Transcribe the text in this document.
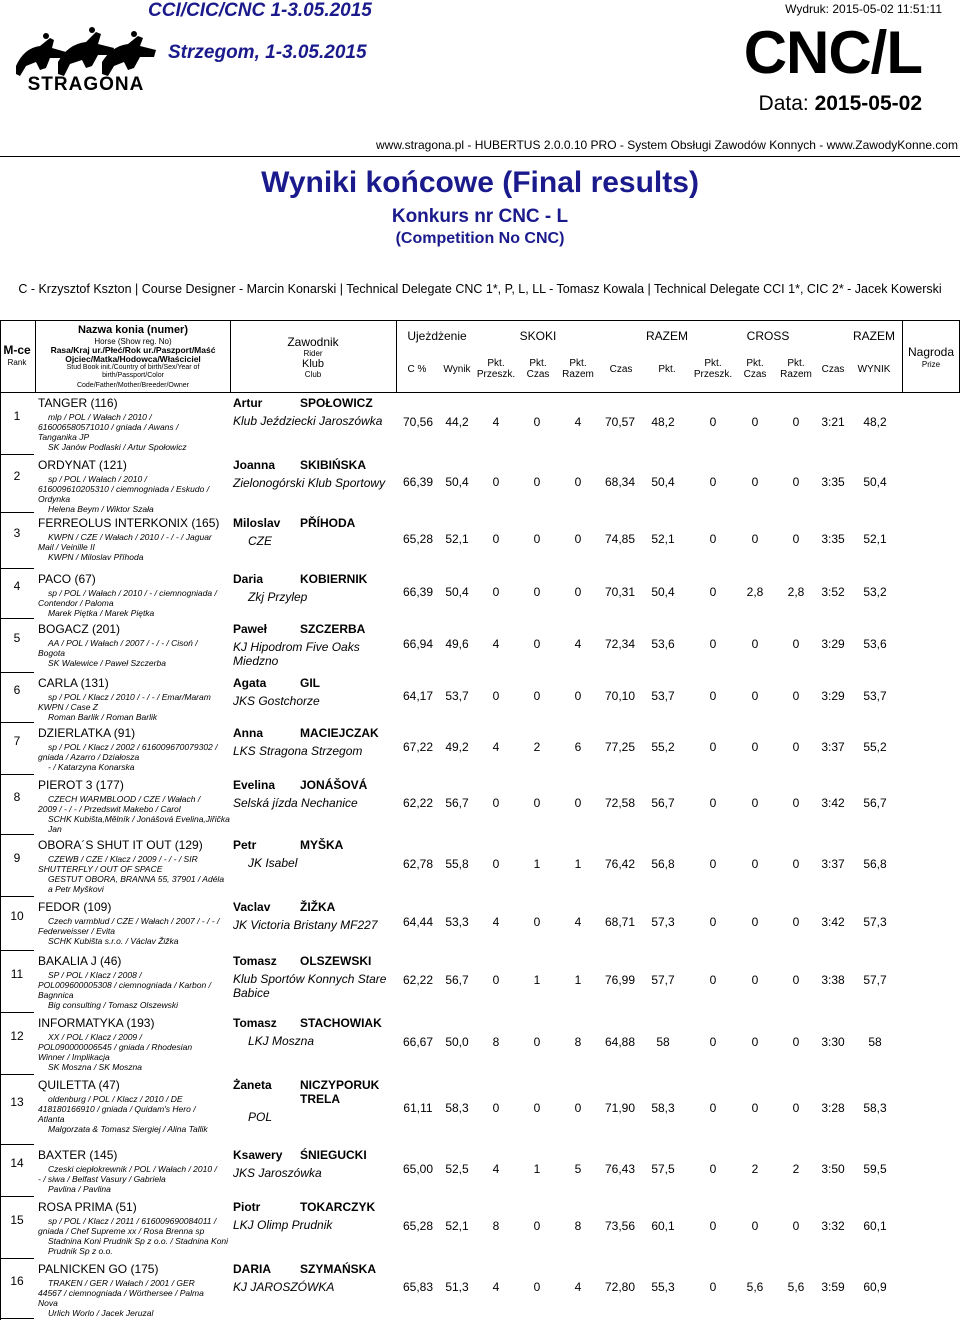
STRAGONA
CCI/CIC/CNC 1-3.05.2015
Strzegom, 1-3.05.2015
Wydruk: 2015-05-02 11:51:11
CNC/L
Data: 2015-05-02
www.stragona.pl - HUBERTUS 2.0.0.10 PRO - System Obsługi Zawodów Konnych - www.ZawodyKonne.com
Wyniki końcowe (Final results)
Konkurs nr CNC - L
(Competition No CNC)
C - Krzysztof Kszton | Course Designer - Marcin Konarski | Technical Delegate CNC 1*, P, L, LL - Tomasz Kowala | Technical Delegate CCI 1*, CIC 2* - Jacek Kowerski
M-ce
Rank
Nazwa konia (numer)
Horse (Show reg. No)
Rasa/Kraj ur./Płeć/Rok ur./Paszport/Maść
Ojciec/Matka/Hodowca/Właściciel
Stud Book init./Country of birth/Sex/Year of birth/Passport/Color
Code/Father/Mother/Breeder/Owner
Zawodnik
Rider
Klub
Club
Ujeżdżenie
C %	Wynik
SKOKI
Pkt. Przeszk.
Pkt. Czas
Pkt. Razem	Czas
RAZEM
Pkt.
CROSS
Pkt. Przeszk.
Pkt. Czas
Pkt. Razem Czas
RAZEM
WYNIK
Nagroda
Prize
1
TANGER (116)
mlp / POL / Wałach / 2010 /
616006580571010 / gniada / Awans /
Tanganika JP
SK Janów Podlaski / Artur Społowicz
Artur	SPOŁOWICZ
Klub Jeździecki Jaroszówka	70,56	44,2	4	0	4	70,57	48,2	0	0	0	3:21	48,2
2
ORDYNAT (121)
sp / POL / Wałach / 2010 /
616009610205310 / ciemnogniada / Eskudo /
Ordynka
Helena Beym / Wiktor Szała
Joanna SKIBIŃSKA
Zielonogórski Klub Sportowy	66,39	50,4	0	0	0	68,34	50,4	0	0	0	3:35	50,4
3
FERREOLUS INTERKONIX (165)
KWPN / CZE / Wałach / 2010 / - / - / Jaguar
Mail / Veinille II
KWPN / Miloslav Příhoda
Miloslav PŘÍHODA
CZE	65,28	52,1	0	0	0	74,85	52,1	0	0	0	3:35	52,1
4	PACO (67)
sp / POL / Wałach / 2010 / - / ciemnogniada /
Contendor / Paloma
Marek Piętka / Marek Piętka
Daria	KOBIERNIK
Zkj Przylep	66,39	50,4	0	0	0	70,31	50,4	0	2,8	2,8	3:52	53,2
5
BOGACZ (201)
AA / POL / Wałach / 2007 / - / - / Cisoń /
Bogota
SK Walewice / Paweł Szczerba
Paweł	SZCZERBA
KJ Hipodrom Five Oaks Miedzno
66,94	49,6	4	0	4	72,34	53,6	0	0	0	3:29	53,6
6	CARLA (131)
sp / POL / Klacz / 2010 / - / - / Emar/Maram
KWPN / Case Z
Roman Barlik / Roman Barlik
Agata	GIL
JKS Gostchorze	64,17	53,7	0	0	0	70,10	53,7	0	0	0	3:29	53,7
7
DZIERLATKA (91)
sp / POL / Klacz / 2002 / 616009670079302 /
gniada / Azarro / Działosza
- / Katarzyna Konarska
Anna	MACIEJCZAK
LKS Stragona Strzegom	67,22	49,2	4	2	6	77,25	55,2	0	0	0	3:37	55,2
8
PIEROT 3 (177)
CZECH WARMBLOOD / CZE / Wałach /
2009 / - / - / Przedswit Makebo / Carol
SCHK Kubišta,Mělník / Jonášová Evelina,Jiřička Jan
Evelina JONÁŠOVÁ
Selská jízda Nechanice	62,22	56,7	0	0	0	72,58	56,7	0	0	0	3:42	56,7
9
OBORA´S SHUT IT OUT (129)
CZEWB / CZE / Klacz / 2009 / - / - / SIR
SHUTTERFLY / OUT OF SPACE
GESTUT OBORA, BRANNA 55, 37901 / Adéla a Petr Myškovi
Petr	MYŠKA
JK Isabel	62,78	55,8	0	1	1	76,42	56,8	0	0	0	3:37	56,8
10
FEDOR (109)
Czech varmblud / CZE / Wałach / 2007 / - / - /
Federweisser / Evita
SCHK Kubišta s.r.o. / Václav Žižka
Vaclav ŽIŽKA
JK Victoria Bristany MF227	64,44	53,3	4	0	4	68,71	57,3	0	0	0	3:42	57,3
11
BAKALIA J (46)
SP / POL / Klacz / 2008 /
POL009600005308 / ciemnogniada / Karbon /
Bagnnica
Big consulting / Tomasz Olszewski
Tomasz OLSZEWSKI
Klub Sportów Konnych Stare Babice
62,22	56,7	0	1	1	76,99	57,7	0	0	0	3:38	57,7
12
INFORMATYKA (193)
XX / POL / Klacz / 2009 /
POL090000006545 / gniada / Rhodesian
Winner / Implikacja
SK Moszna / SK Moszna
Tomasz STACHOWIAK
LKJ Moszna	66,67	50,0	8	0	8	64,88	58	0	0	0	3:30	58
13
QUILETTA (47)
oldenburg / POL / Klacz / 2010 / DE
418180166910 / gniada / Quidam's Hero /
Atlanta
Malgorzata & Tomasz Siergiej / Alina Tallik
Żaneta NICZYPORUK TRELA
POL
61,11	58,3	0	0	0	71,90	58,3	0	0	0	3:28	58,3
14
BAXTER (145)
Czeski ciepłokrewnik / POL / Wałach / 2010 /
- / siwa / Belfast Vasury / Gabriela
Pavlina / Pavlina
Ksawery ŚNIEGUCKI
JKS Jaroszówka	65,00	52,5	4	1	5	76,43	57,5	0	2	2	3:50	59,5
15
ROSA PRIMA (51)
sp / POL / Klacz / 2011 / 616009690084011 /
gniada / Chef Supreme xx / Rosa Brenna sp
Stadnina Koni Prudnik Sp z o.o. / Stadnina Koni Prudnik Sp z o.o.
Piotr	TOKARCZYK
LKJ Olimp Prudnik	65,28	52,1	8	0	8	73,56	60,1	0	0	0	3:32	60,1
16
PALNICKEN GO (175)
TRAKEN / GER / Wałach / 2001 / GER
44567 / ciemnogniada / Wörthersee / Palma
Nova
Urlich Worlo / Jacek Jeruzal
DARIA SZYMAŃSKA
KJ JAROSZÓWKA	65,83	51,3	4	0	4	72,80	55,3	0	5,6	5,6	3:59	60,9
